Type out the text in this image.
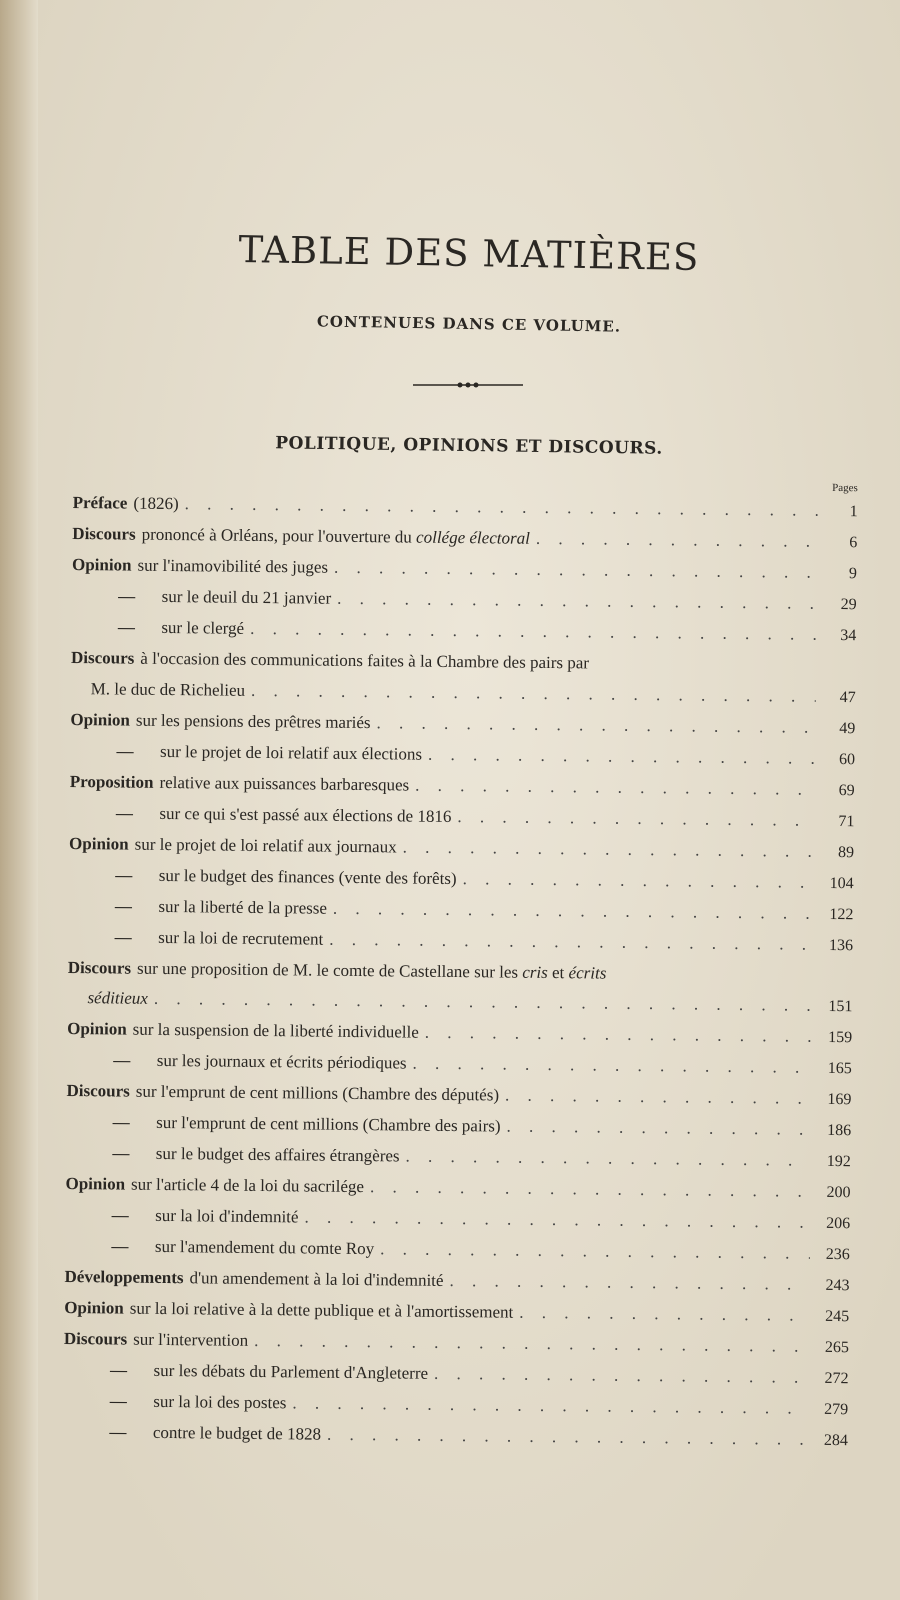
TABLE DES MATIÈRES
CONTENUES DANS CE VOLUME.
POLITIQUE, OPINIONS ET DISCOURS.
Pages
Préface (1826) . . .	1
Discours prononcé à Orléans, pour l'ouverture du collége électoral . . .	6
Opinion sur l'inamovibilité des juges . . .	9
—	sur le deuil du 21 janvier . . .	29
—	sur le clergé . . .	34
Discours à l'occasion des communications faites à la Chambre des pairs par
M. le duc de Richelieu . . .	47
Opinion sur les pensions des prêtres mariés . . .	49
—	sur le projet de loi relatif aux élections . . .	60
Proposition relative aux puissances barbaresques . . .	69
—	sur ce qui s'est passé aux élections de 1816 . . .	71
Opinion sur le projet de loi relatif aux journaux . . .	89
—	sur le budget des finances (vente des forêts) . . .	104
—	sur la liberté de la presse . . .	122
—	sur la loi de recrutement . . .	136
Discours sur une proposition de M. le comte de Castellane sur les cris et écrits
séditieux . . .	151
Opinion sur la suspension de la liberté individuelle . . .	159
—	sur les journaux et écrits périodiques . . .	165
Discours sur l'emprunt de cent millions (Chambre des députés) . . .	169
—	sur l'emprunt de cent millions (Chambre des pairs) . . .	186
—	sur le budget des affaires étrangères . . .	192
Opinion sur l'article 4 de la loi du sacrilége . . .	200
—	sur la loi d'indemnité . . .	206
—	sur l'amendement du comte Roy . . .	236
Développements d'un amendement à la loi d'indemnité . . .	243
Opinion sur la loi relative à la dette publique et à l'amortissement . . .	245
Discours sur l'intervention . . .	265
—	sur les débats du Parlement d'Angleterre . . .	272
—	sur la loi des postes . . .	279
—	contre le budget de 1828 . . .	284
